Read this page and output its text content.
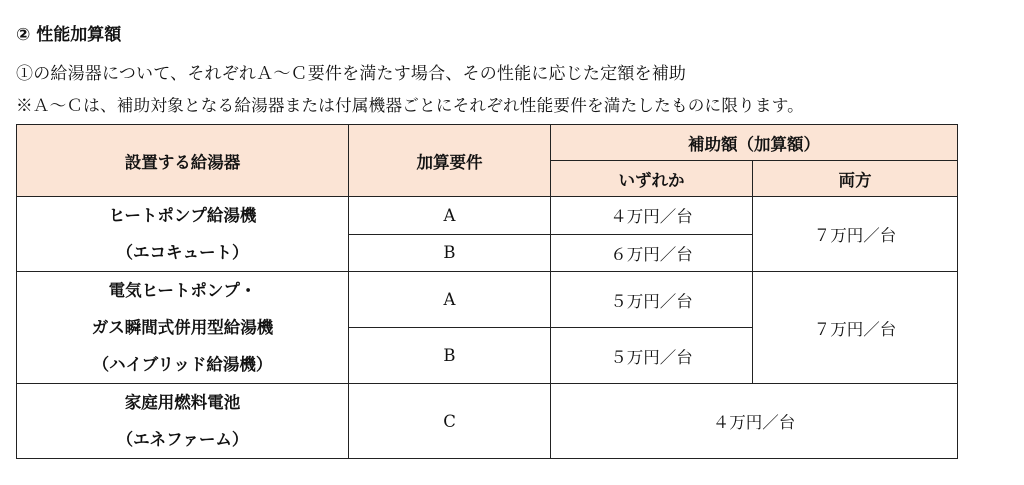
② 性能加算額
①の給湯器について、それぞれＡ～Ｃ要件を満たす場合、その性能に応じた定額を補助
※Ａ～Ｃは、補助対象となる給湯器または付属機器ごとにそれぞれ性能要件を満たしたものに限ります。
設置する給湯器	加算要件	補助額（加算額）	
		いずれか	両方

ヒートポンプ給湯機
（エコキュート）	A	４万円／台	７万円／台
	B	６万円／台	

電気ヒートポンプ・
ガス瞬間式併用型給湯機
（ハイブリッド給湯機）	A	５万円／台	７万円／台
	B	５万円／台	

家庭用燃料電池
（エネファーム）	C	４万円／台	
